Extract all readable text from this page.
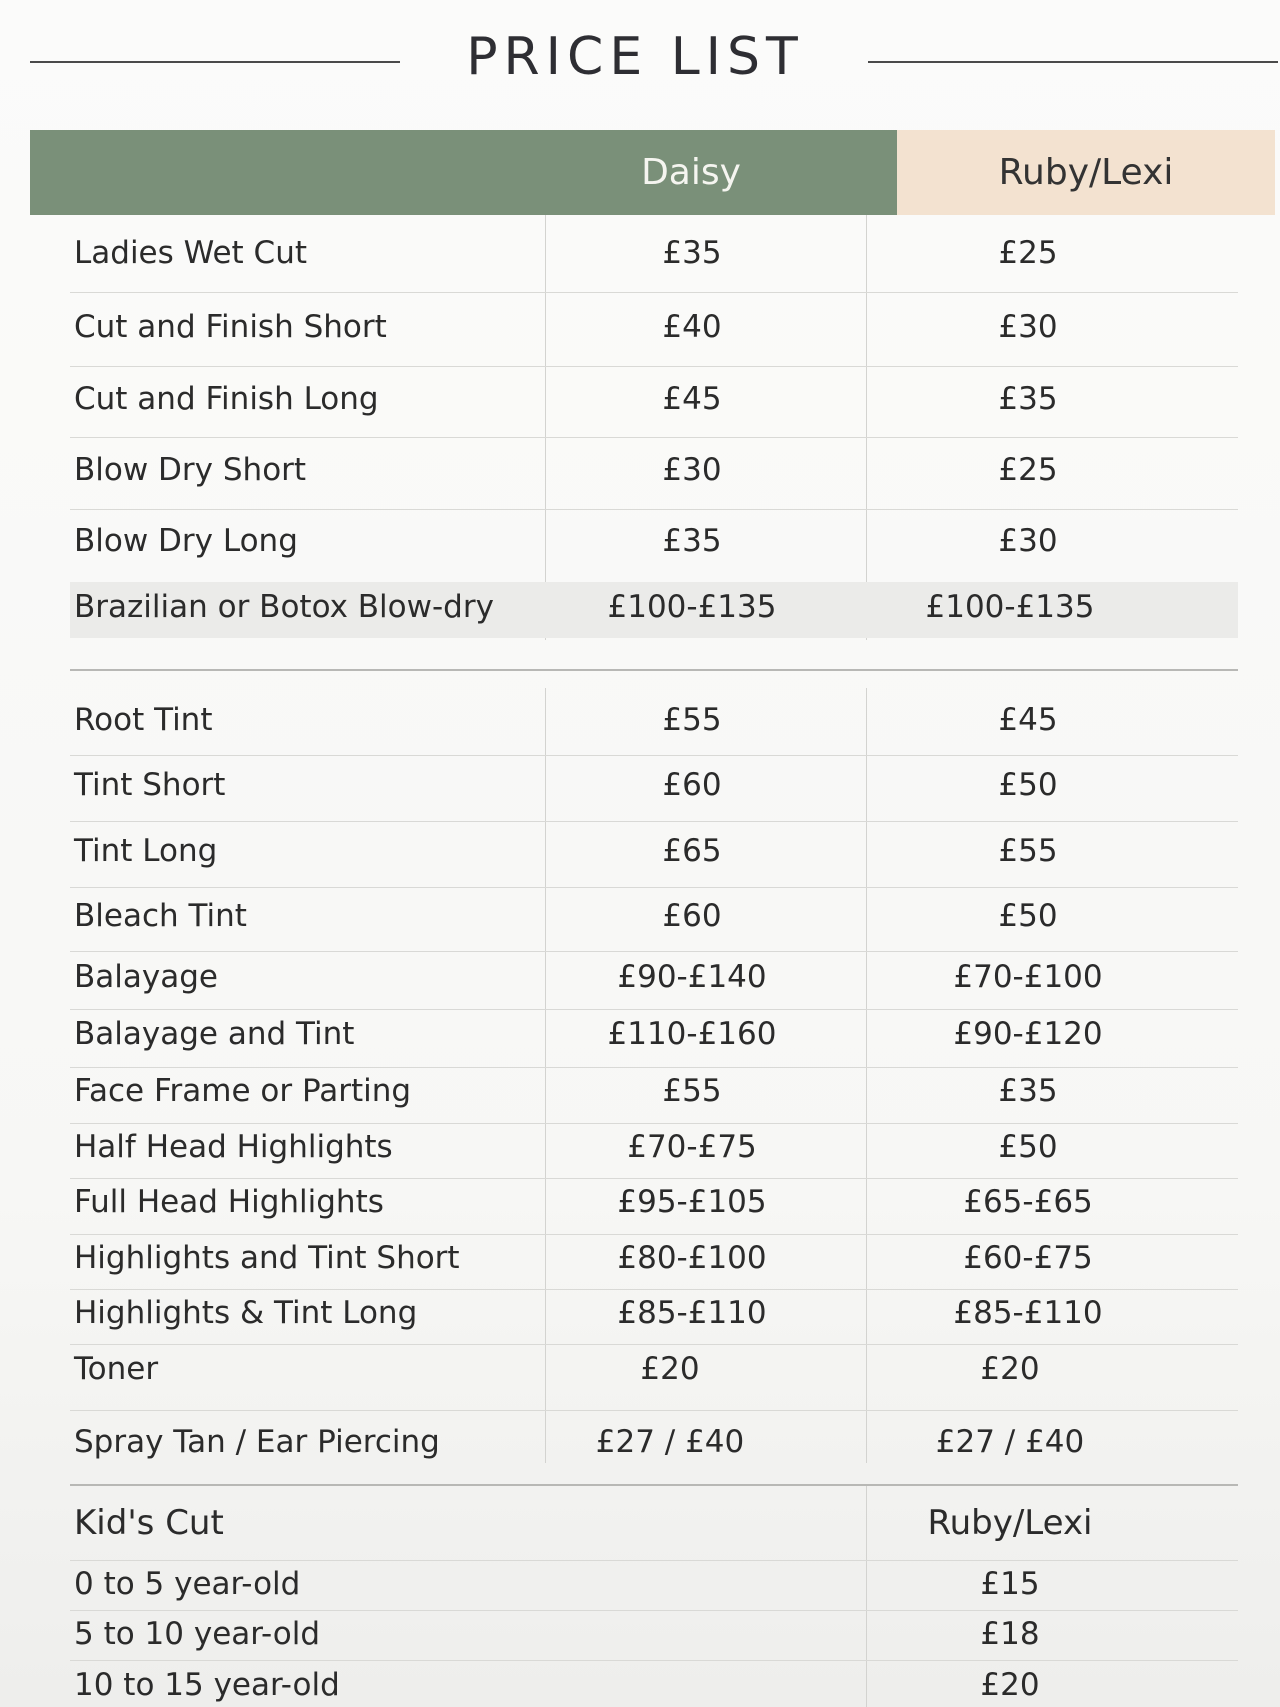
PRICE LIST
Daisy	Ruby/Lexi
Ladies Wet Cut	£35	£25
Cut and Finish Short	£40	£30
Cut and Finish Long	£45	£35
Blow Dry Short	£30	£25
Blow Dry Long	£35	£30
Brazilian or Botox Blow-dry	£100-£135	£100-£135
Root Tint	£55	£45
Tint Short	£60	£50
Tint Long	£65	£55
Bleach Tint	£60	£50
Balayage	£90-£140	£70-£100
Balayage and Tint	£110-£160	£90-£120
Face Frame or Parting	£55	£35
Half Head Highlights	£70-£75	£50
Full Head Highlights	£95-£105	£65-£65
Highlights and Tint Short	£80-£100	£60-£75
Highlights & Tint Long	£85-£110	£85-£110
Toner	£20	£20
Spray Tan / Ear Piercing	£27 / £40	£27 / £40
Kid's Cut	Ruby/Lexi
0 to 5 year-old	£15
5 to 10 year-old	£18
10 to 15 year-old	£20
